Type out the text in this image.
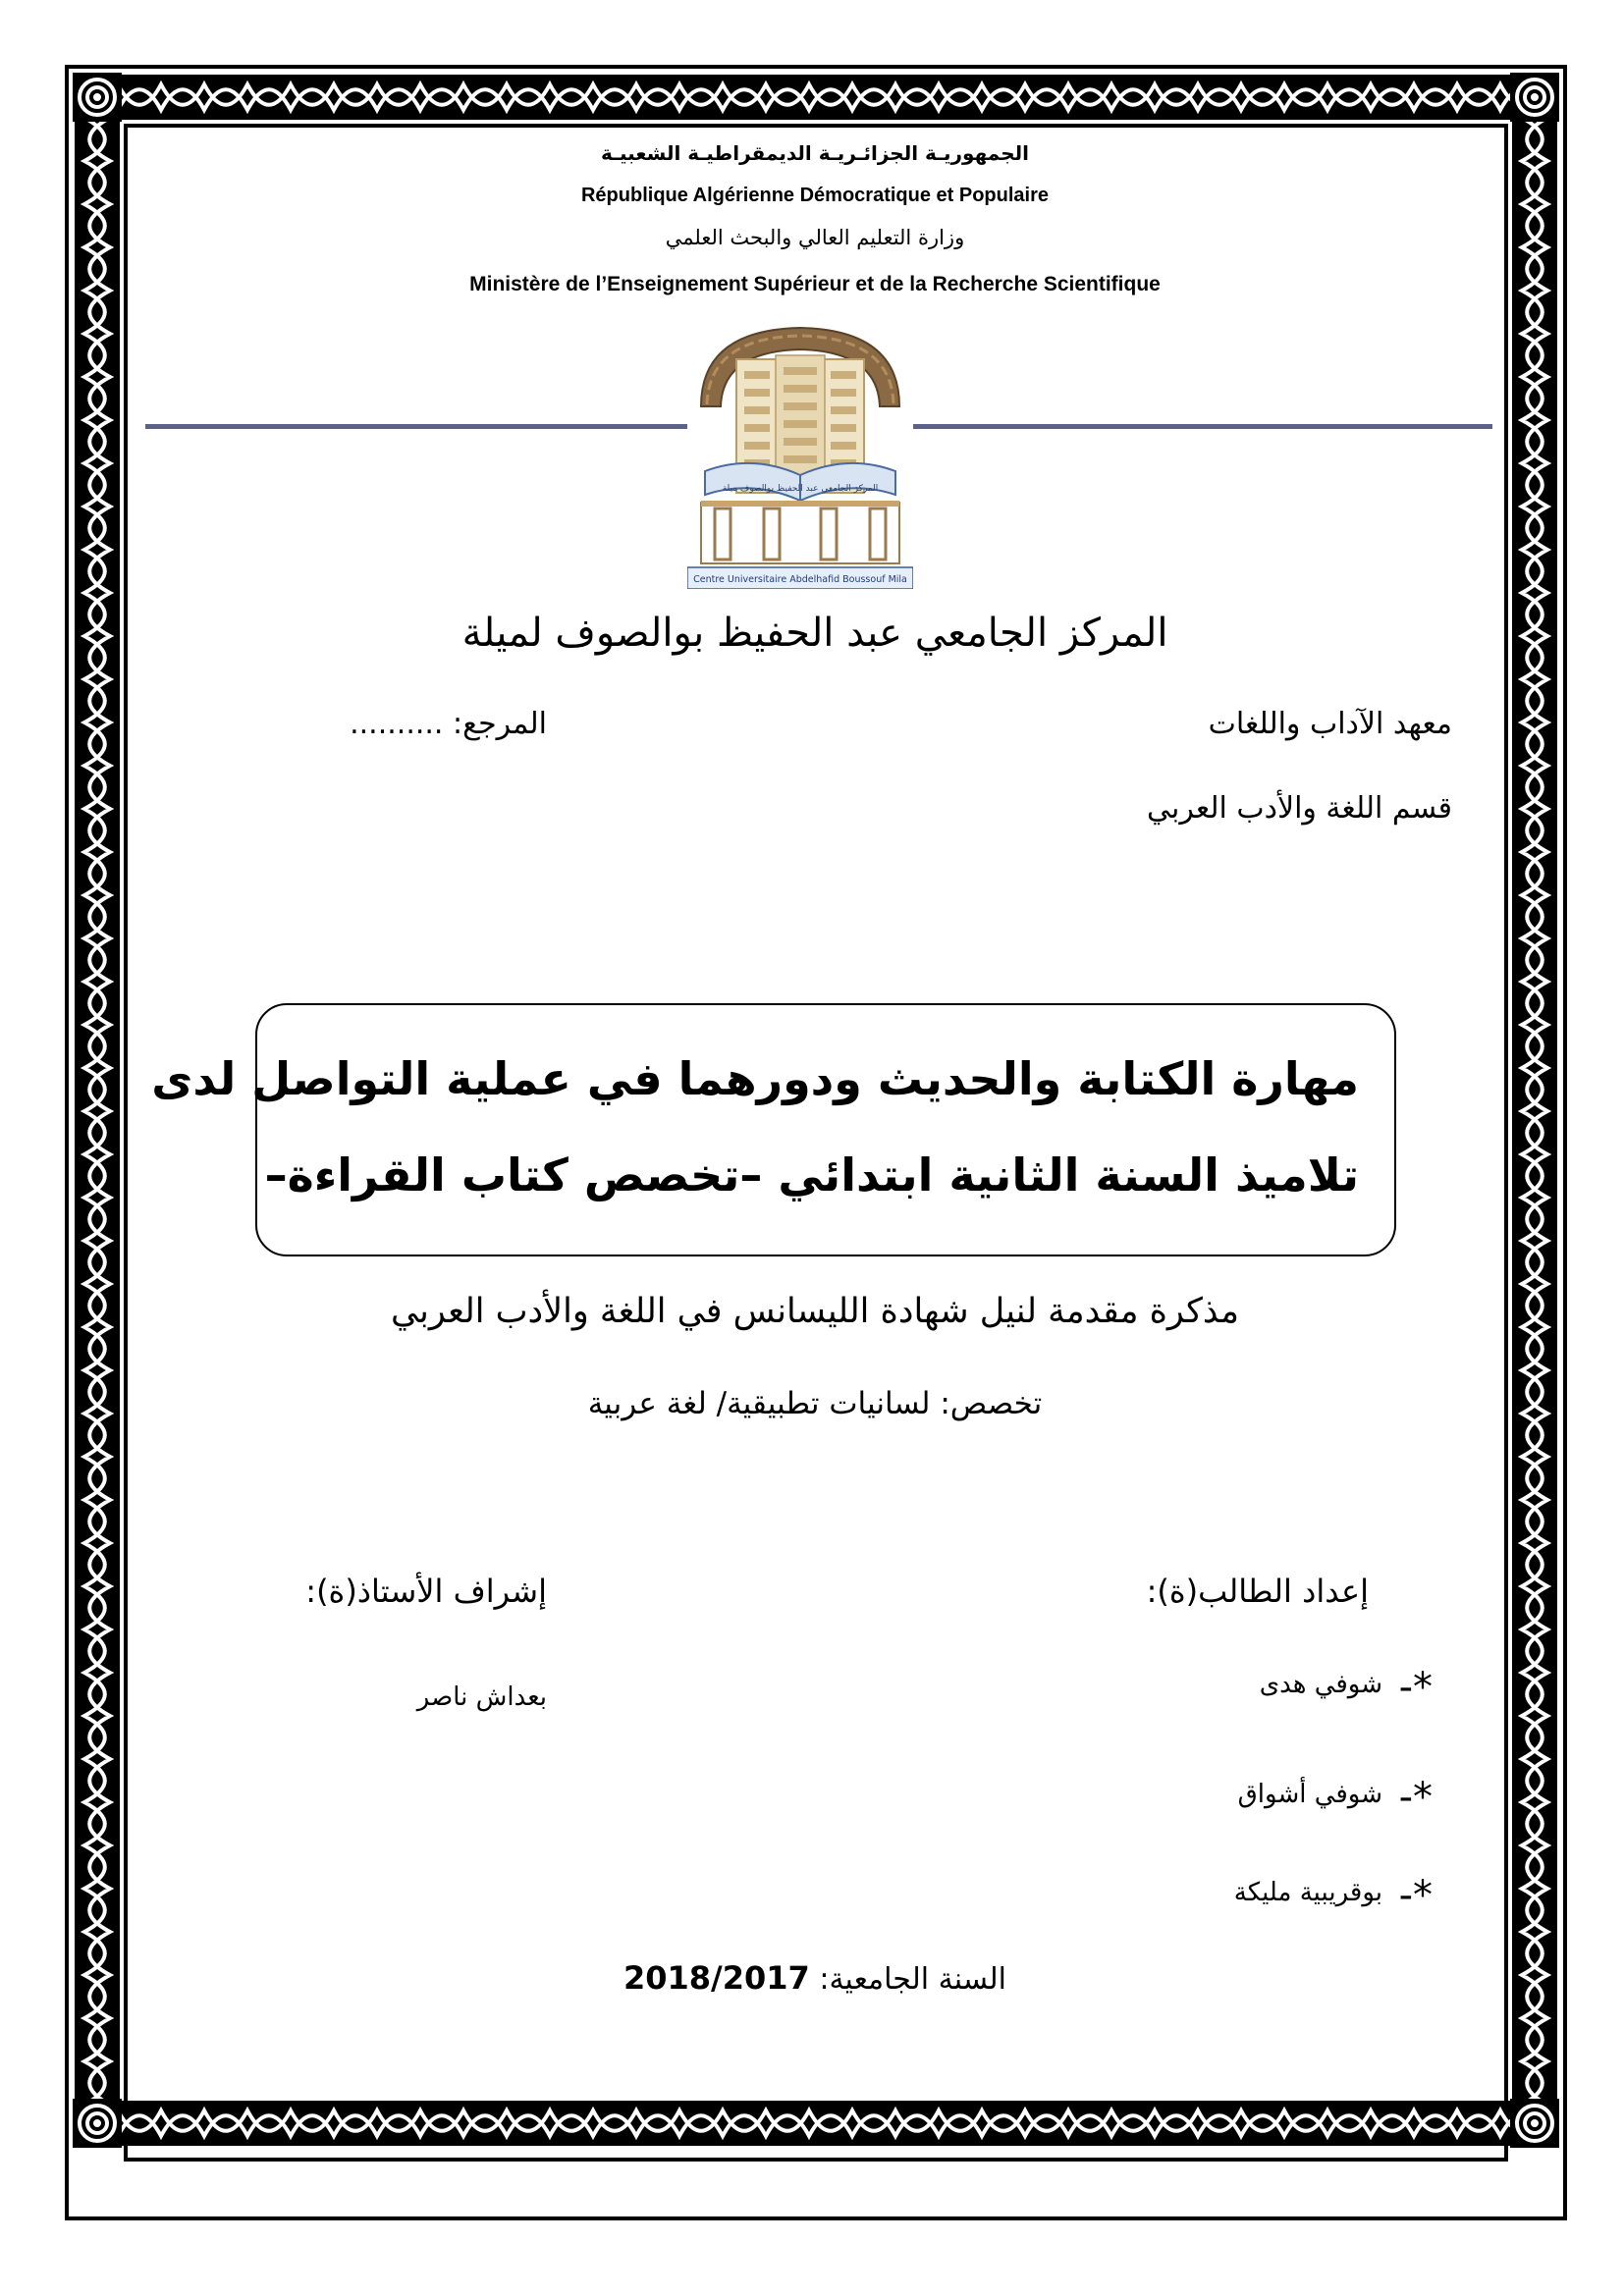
الجمهوريـة الجزائـريـة الديمقراطيـة الشعبيـة
République Algérienne Démocratique et Populaire
وزارة التعليم العالي والبحث العلمي
Ministère de l’Enseignement Supérieur et de la Recherche Scientifique
المركز الجامعي عبد الحفيظ بوالصوف ميلة
Centre Universitaire Abdelhafid Boussouf Mila
المركز الجامعي عبد الحفيظ بوالصوف لميلة
معهد الآداب واللغات
المرجع: ..........
قسم اللغة والأدب العربي
مهارة الكتابة والحديث ودورهما في عملية التواصل لدى
تلاميذ السنة الثانية ابتدائي –تخصص كتاب القراءة–
مذكرة مقدمة لنيل شهادة الليسانس في اللغة والأدب العربي
تخصص: لسانيات تطبيقية/ لغة عربية
إعداد الطالب(ة):
إشراف الأستاذ(ة):
*-  شوفي هدى
*-  شوفي أشواق
*-  بوقريبية مليكة
بعداش ناصر
السنة الجامعية: 2018/2017
